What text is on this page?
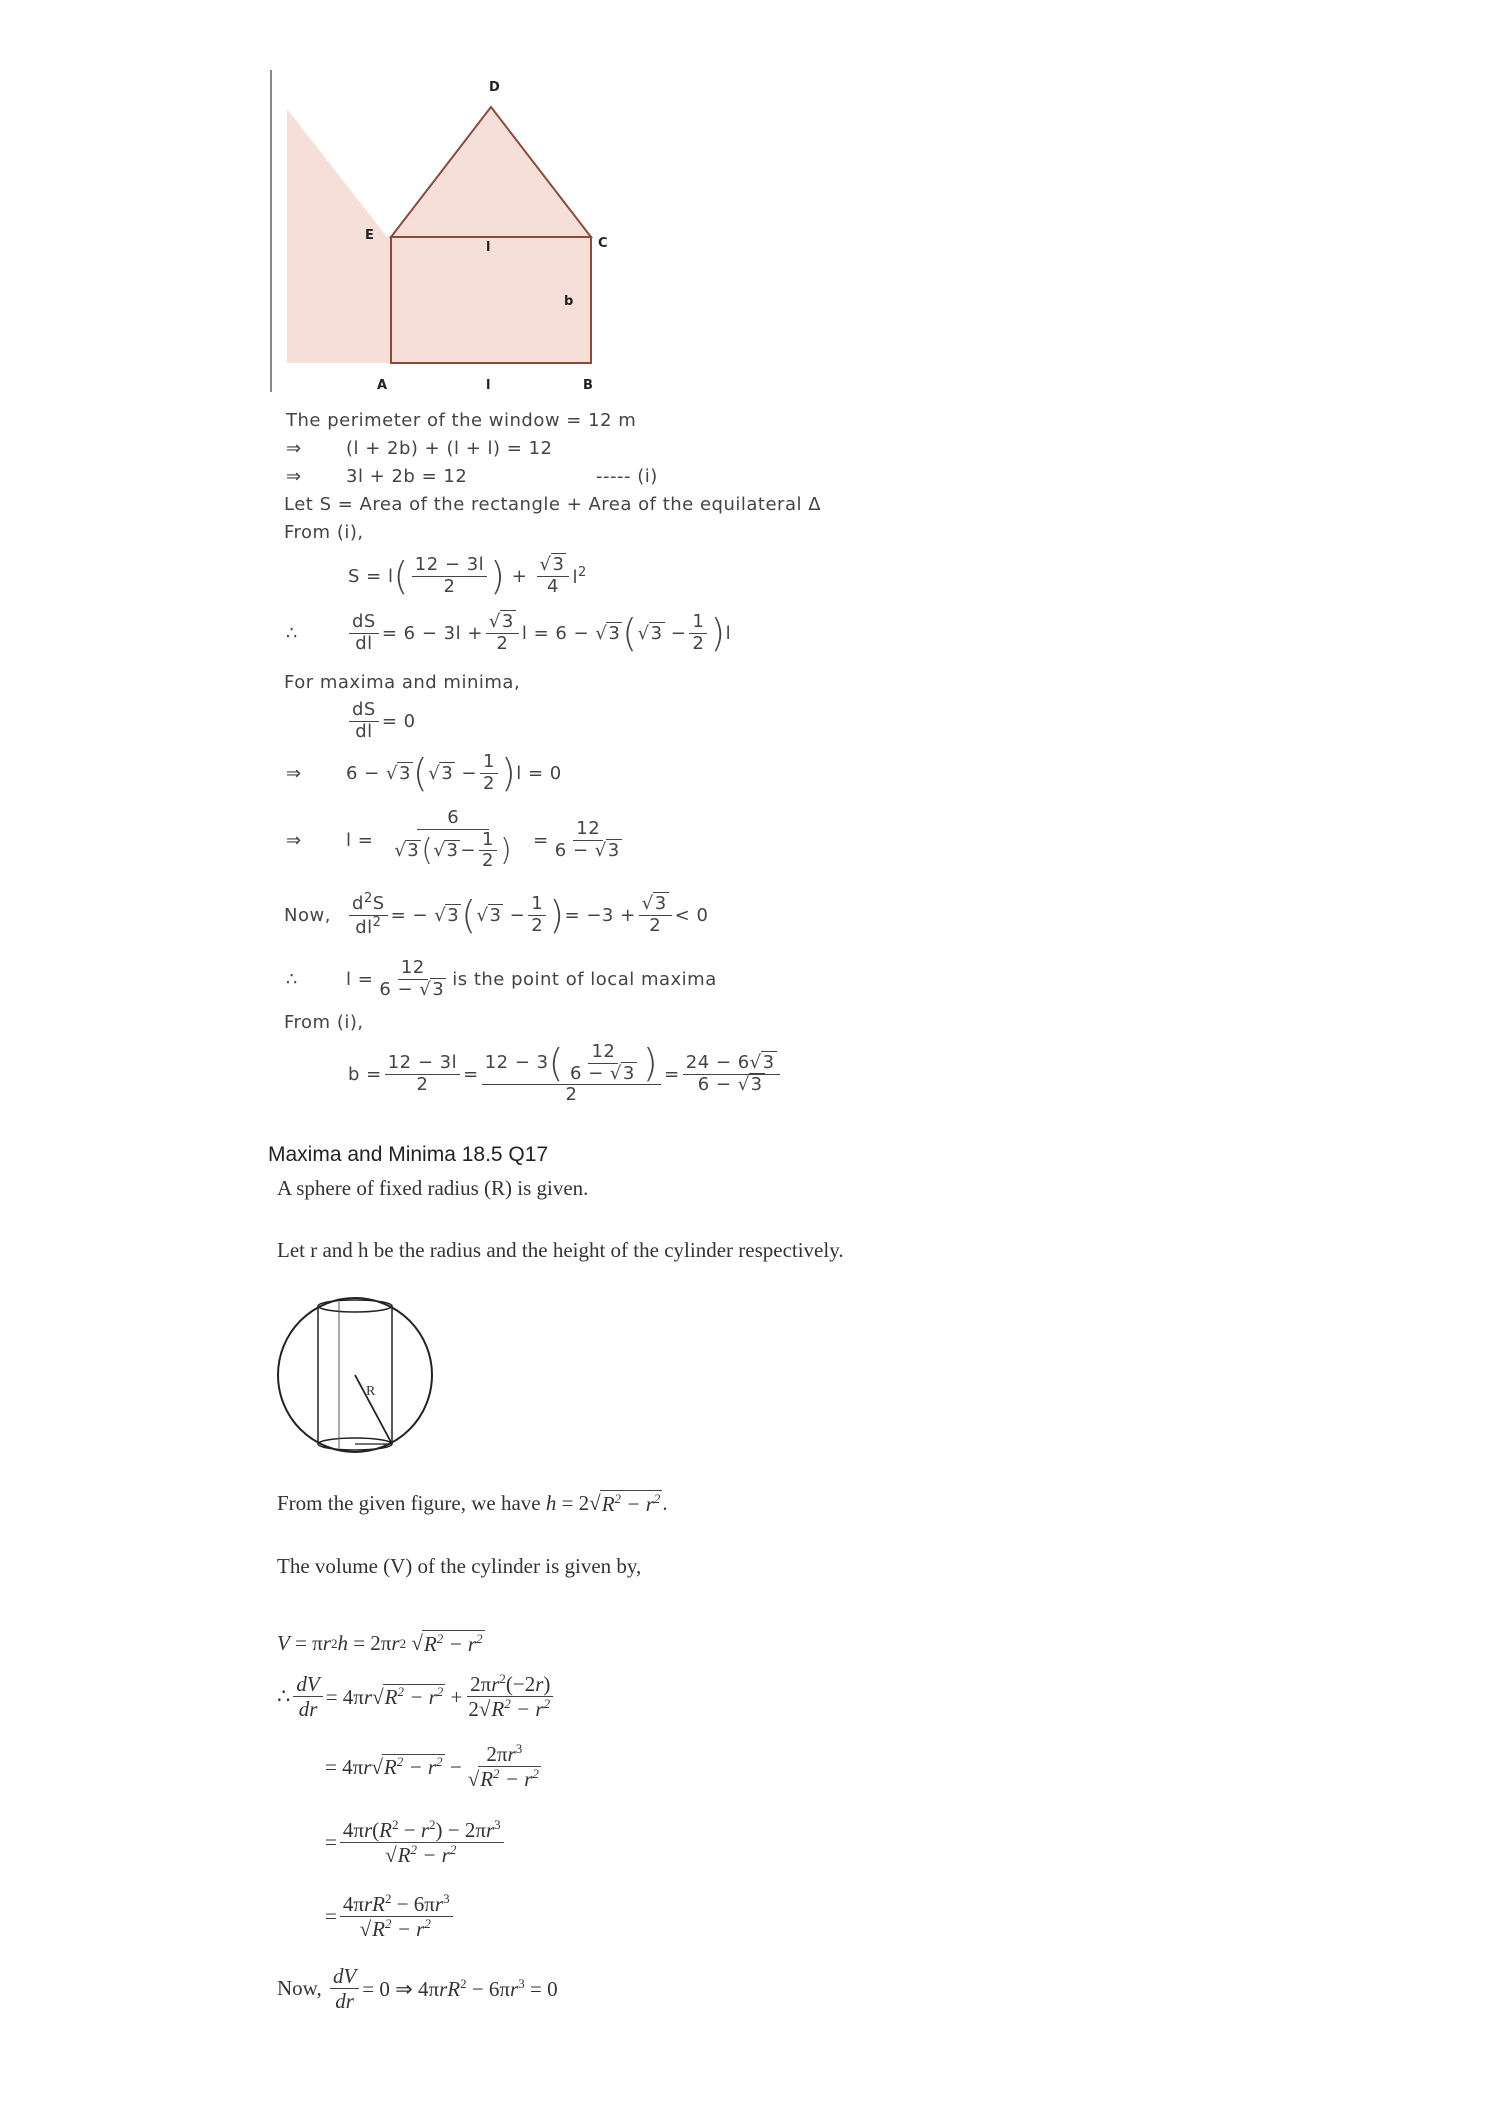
D
E
C
A	B
l
b
l
The perimeter of the window = 12 m
⇒	(l + 2b) + (l + l) = 12
⇒	3l + 2b = 12	----- (i)
Let S = Area of the rectangle + Area of the equilateral Δ
From (i),
S = l ( $\frac{12 - 3l}{2}$ ) + $\frac{√3}{4} l^2$
∴	$\frac{dS}{dl} = 6 - 3l + \frac{√3}{2}$ l = 6 − √3 ( $√3 - \frac{1}{2}$ ) l
For maxima and minima,
$\frac{dS}{dl} = 0$
⇒	6 − √3 ( $√3 - \frac{1}{2}$ ) l = 0
⇒	$l = \frac{6}{√ 3 ( √ 3 - \frac{1}{2} )} = \frac{12}{6 - √3}$
Now,	$\frac{d^2S}{dl^2}$ = − √3 ( $√3 - \frac{1}{2}$ ) = $-3 + \frac{√3}{2} < 0$
∴	$l = \frac{12}{6 - √3}$ is the point of local maxima
From (i),
$b = \frac{12 - 3l}{2} = \frac{12 - 3 ( \frac{12}{6 - √3} )}{2} = \frac{24 - 6√3}{6 - √3}$
Maxima and Minima 18.5 Q17
A sphere of fixed radius (R) is given.
Let r and h be the radius and the height of the cylinder respectively.
R
From the given figure, we have
h = 2√ $R^2 - r^2$ .
The volume (V) of the cylinder is given by,
V = π r 2 h = 2π r 2 √ $R^2 - r^2$
∴ $\frac{dV}{dr} = 4\pi r√R^2 - r^2 + \frac{2\pi r^2(-2r)}{2√R^2 - r^2}$
= $4\pi r√R^2 - r^2 - \frac{2\pi r^3}{√R^2 - r^2}$
= $\frac{4\pi r(R^2 - r^2) - 2\pi r^3}{√R^2 - r^2}$
= $\frac{4\pi rR^2 - 6\pi r^3}{√R^2 - r^2}$
Now,
$\frac{dV}{dr} = 0$ ⇒ $4\pi rR^2 - 6\pi r^3 = 0$
